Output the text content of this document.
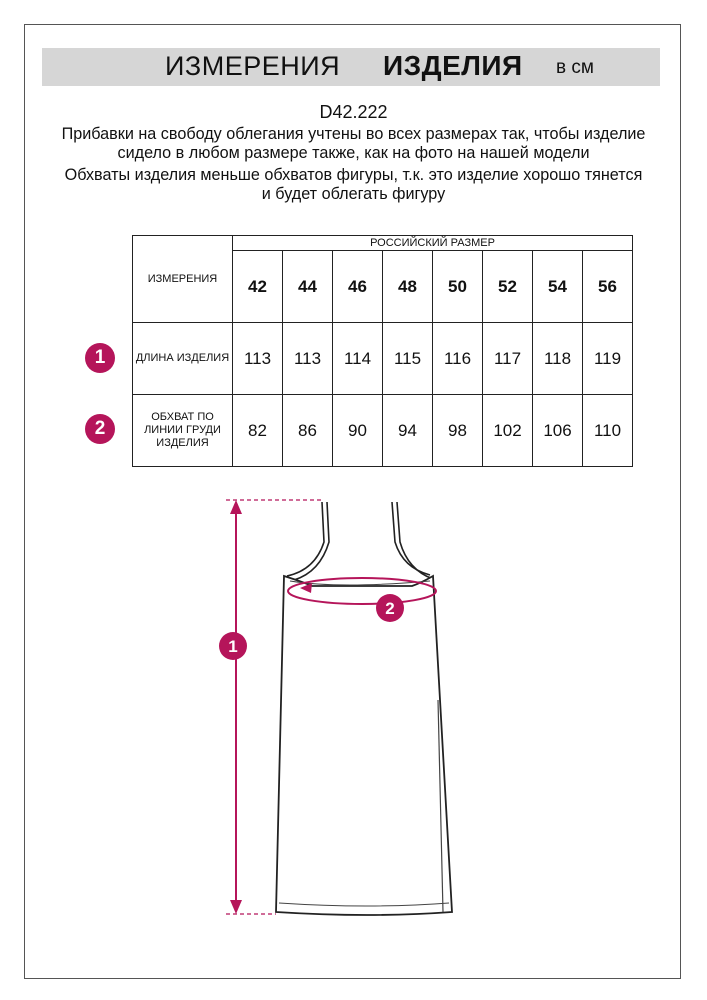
ИЗМЕРЕНИЯ ИЗДЕЛИЯ в см
D42.222

Прибавки на свободу облегания учтены во всех размерах так, чтобы изделие сидело в любом размере также, как на фото на нашей модели

Обхваты изделия меньше обхватов фигуры, т.к. это изделие хорошо тянется и будет облегать фигуру

ИЗМЕРЕНИЯ	РОССИЙСКИЙ РАЗМЕР							
	42	44	46	48	50	52	54	56
ДЛИНА ИЗДЕЛИЯ	113	113	114	115	116	117	118	119
ОБХВАТ ПО ЛИНИИ ГРУДИ ИЗДЕЛИЯ	82	86	90	94	98	102	106	110
1
2
1
2
